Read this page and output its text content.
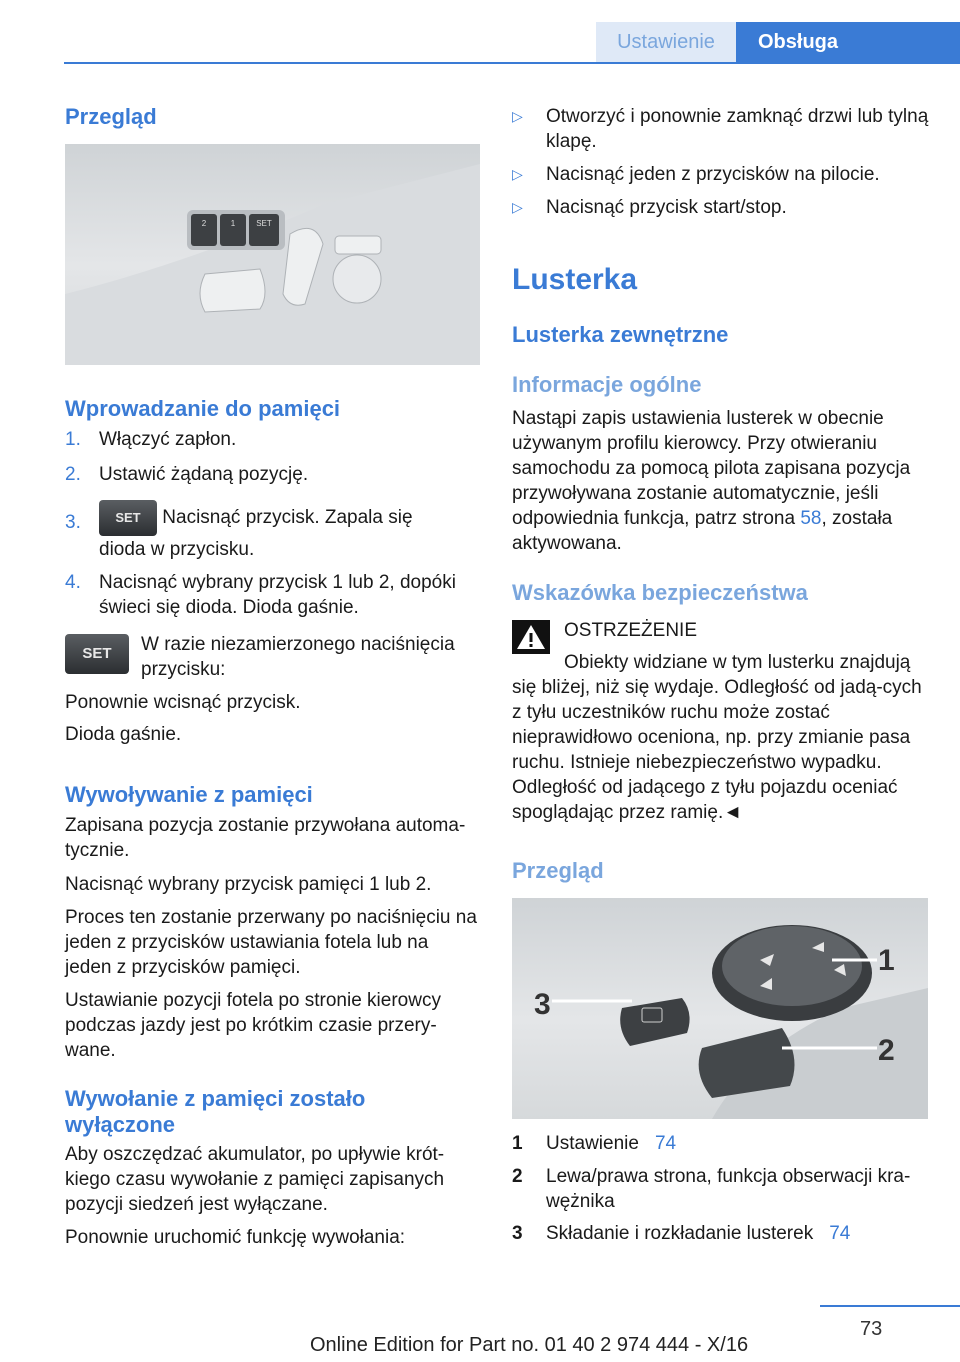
Ustawienie	Obsługa
Przegląd
2	1	SET
Wprowadzanie do pamięci
1. Włączyć zapłon.
2. Ustawić żądaną pozycję.
3.	SET Nacisnąć przycisk. Zapala się
dioda w przycisku.
4. Nacisnąć wybrany przycisk 1 lub 2, dopóki świeci się dioda. Dioda gaśnie.
SET	W razie niezamierzonego naciśnięcia przycisku:

Ponownie wcisnąć przycisk.

Dioda gaśnie.

Wywoływanie z pamięci

Zapisana pozycja zostanie przywołana automa-tycznie.

Nacisnąć wybrany przycisk pamięci 1 lub 2.

Proces ten zostanie przerwany po naciśnięciu na jeden z przycisków ustawiania fotela lub na jeden z przycisków pamięci.

Ustawianie pozycji fotela po stronie kierowcy podczas jazdy jest po krótkim czasie przery-wane.

Wywołanie z pamięci zostało wyłączone

Aby oszczędzać akumulator, po upływie krót-kiego czasu wywołanie z pamięci zapisanych pozycji siedzeń jest wyłączane.

Ponownie uruchomić funkcję wywołania:

▷	Otworzyć i ponownie zamknąć drzwi lub tylną klapę.
▷	Nacisnąć jeden z przycisków na pilocie.
▷	Nacisnąć przycisk start/stop.
Lusterka
Lusterka zewnętrzne
Informacje ogólne

Nastąpi zapis ustawienia lusterek w obecnie używanym profilu kierowcy. Przy otwieraniu samochodu za pomocą pilota zapisana pozycja przywoływana zostanie automatycznie, jeśli odpowiednia funkcja, patrz strona 58, została aktywowana.

Wskazówka bezpieczeństwa
OSTRZEŻENIE
Obiekty widziane w tym lusterku znajdują się bliżej, niż się wydaje. Odległość od jadą-cych z tyłu uczestników ruchu może zostać nieprawidłowo oceniona, np. przy zmianie pasa ruchu. Istnieje niebezpieczeństwo wypadku. Odległość od jadącego z tyłu pojazdu oceniać spoglądając przez ramię.◄
Przegląd
1
2
3
1	Ustawienie 74
2	Lewa/prawa strona, funkcja obserwacji kra-wężnika
3	Składanie i rozkładanie lusterek 74
73
Online Edition for Part no. 01 40 2 974 444 - X/16
